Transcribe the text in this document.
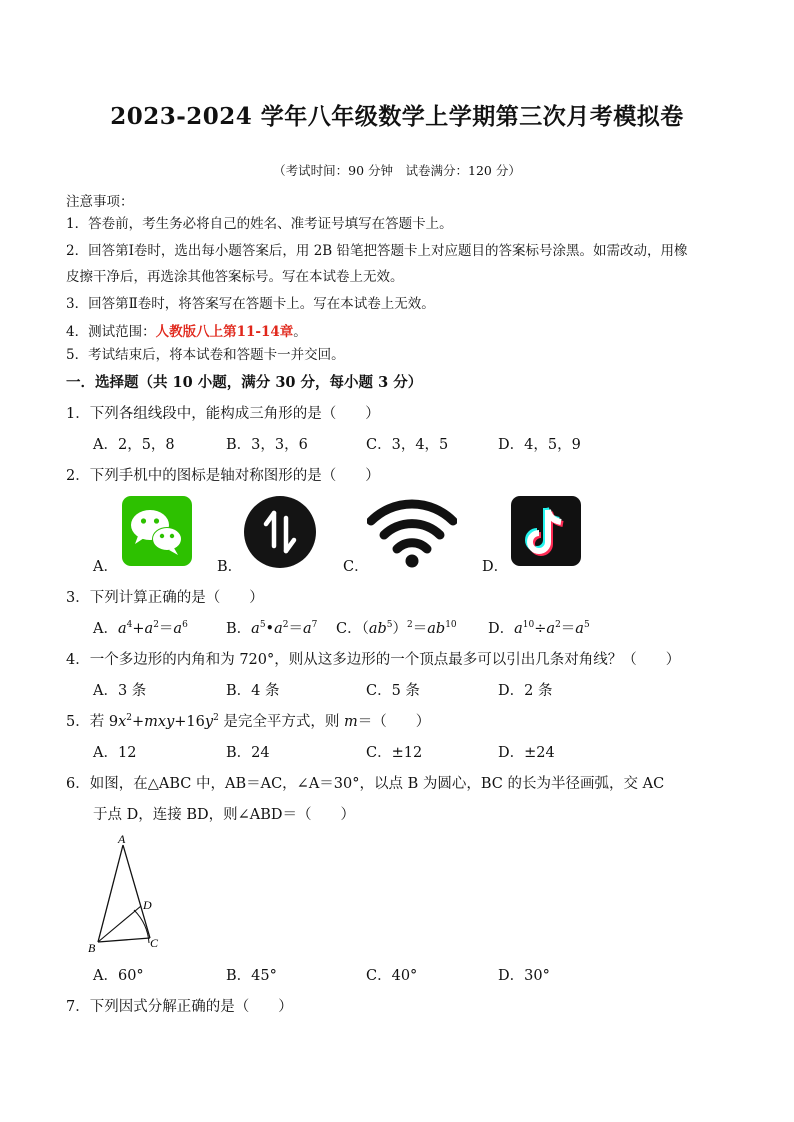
2023-2024 学年八年级数学上学期第三次月考模拟卷
（考试时间：90 分钟　试卷满分：120 分）
注意事项：
1．答卷前，考生务必将自己的姓名、准考证号填写在答题卡上。
2．回答第Ⅰ卷时，选出每小题答案后，用 2B 铅笔把答题卡上对应题目的答案标号涂黑。如需改动，用橡
皮擦干净后，再选涂其他答案标号。写在本试卷上无效。
3．回答第Ⅱ卷时，将答案写在答题卡上。写在本试卷上无效。
4．测试范围：人教版八上第11-14章。
5．考试结束后，将本试卷和答题卡一并交回。
一．选择题（共 10 小题，满分 30 分，每小题 3 分）
1．下列各组线段中，能构成三角形的是（　　）
A．2，5，8	B．3，3，6	C．3，4，5	D．4，5，9
2．下列手机中的图标是轴对称图形的是（　　）
A．	B．	C．	D．
3．下列计算正确的是（　　）
A．$a^4+a^2=a^6$	B．$a^5•a^2=a^7$ C．$(ab^5)^2=ab^{10}$ D．$a^{10}\div a^2=a^5$
4．一个多边形的内角和为 720°，则从这多边形的一个顶点最多可以引出几条对角线？（　　）
A．3 条	B．4 条	C．5 条	D．2 条
5．若 $9x^2+mxy+16y^2$ 是完全平方式，则 m＝（　　）
A．12	B．24	C．±12	D．±24
6．如图，在△ABC 中，AB＝AC，∠A＝30°，以点 B 为圆心，BC 的长为半径画弧，交 AC
于点 D，连接 BD，则∠ABD＝（　　）
A
B	C
D
A．60°	B．45°	C．40°	D．30°
7．下列因式分解正确的是（　　）
